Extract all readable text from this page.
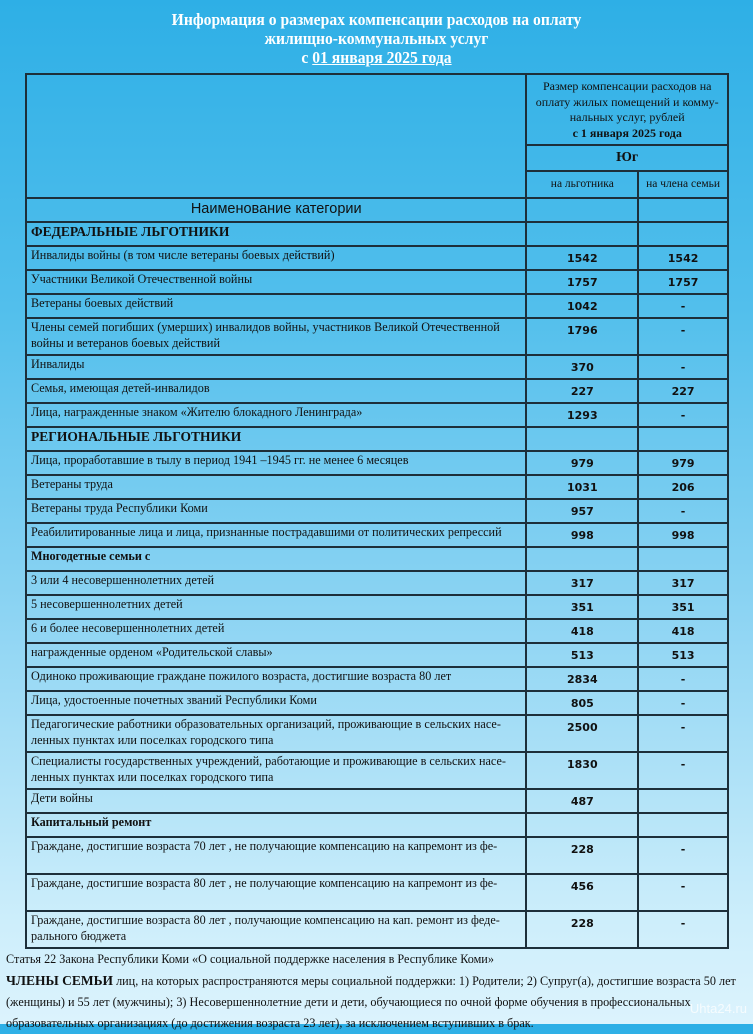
Информация о размерах компенсации расходов на оплату
жилищно-коммунальных услуг
с 01 января 2025 года
	Размер компенсации расходов на оплату жилых помещений и комму-нальных услуг, рублей
с 1 января 2025 года	
	Юг	
	на льготника	на члена семьи
Наименование категории		
ФЕДЕРАЛЬНЫЕ ЛЬГОТНИКИ		
Инвалиды войны (в том числе ветераны боевых действий)	1542	1542
Участники Великой Отечественной войны	1757	1757
Ветераны боевых действий	1042	-
Члены семей погибших (умерших) инвалидов войны, участников Великой Отечественной войны и ветеранов боевых действий	1796	-
Инвалиды	370	-
Семья, имеющая детей-инвалидов	227	227
Лица, награжденные знаком «Жителю блокадного Ленинграда»	1293	-
РЕГИОНАЛЬНЫЕ ЛЬГОТНИКИ		
Лица, проработавшие в тылу в период 1941 –1945 гг. не менее 6 месяцев	979	979
Ветераны труда	1031	206
Ветераны труда Республики Коми	957	-
Реабилитированные лица и лица, признанные пострадавшими от политических репрессий	998	998
Многодетные семьи с		
3 или 4 несовершеннолетних детей	317	317
5 несовершеннолетних детей	351	351
6 и более несовершеннолетних детей	418	418
награжденные орденом «Родительской славы»	513	513
Одиноко проживающие граждане пожилого возраста, достигшие возраста 80 лет	2834	-
Лица, удостоенные почетных званий Республики Коми	805	-
Педагогические работники образовательных организаций, проживающие в сельских насе-ленных пунктах или поселках городского типа	2500	-
Специалисты государственных учреждений, работающие и проживающие в сельских насе-ленных пунктах или поселках городского типа	1830	-
Дети войны	487	
Капитальный ремонт		
Граждане, достигшие возраста 70 лет , не получающие компенсацию на капремонт из фе-	228	-
Граждане, достигшие возраста 80 лет , не получающие компенсацию на капремонт из фе-	456	-
Граждане, достигшие возраста 80 лет , получающие компенсацию на кап. ремонт из феде-рального бюджета	228	-
Статья 22 Закона Республики Коми «О социальной поддержке населения в Республике Коми»
ЧЛЕНЫ СЕМЬИ лиц, на которых распространяются меры социальной поддержки: 1) Родители; 2) Супруг(а), достигшие возраста 50 лет (женщины) и 55 лет (мужчины); 3) Несовершеннолетние дети и дети, обучающиеся по очной форме обучения в профессиональных образовательных организациях (до достижения возраста 23 лет), за исключением вступивших в брак.
Uhta24.ru
